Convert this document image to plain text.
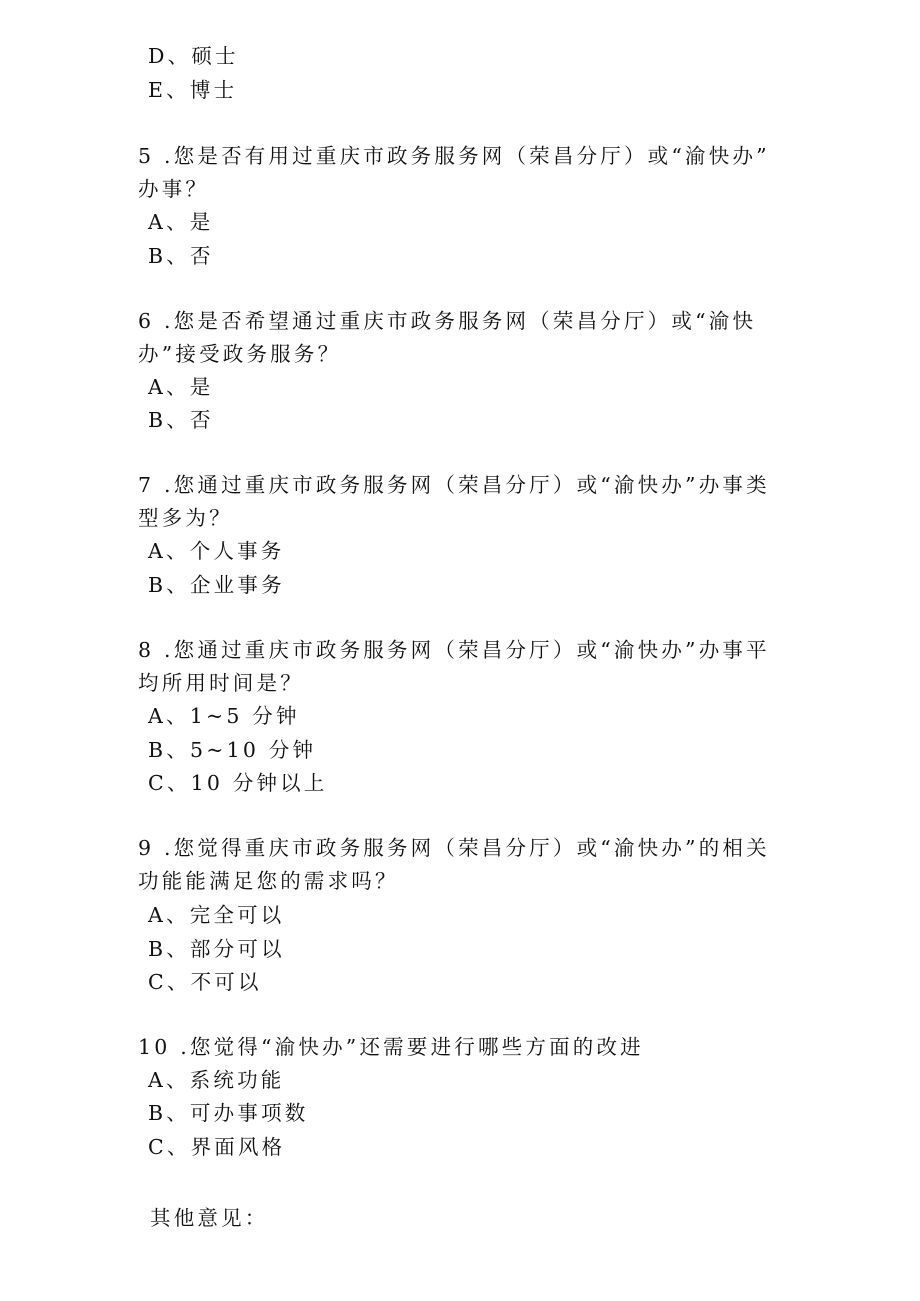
D、硕士
E、博士
5 .您是否有用过重庆市政务服务网（荣昌分厅）或“渝快办”
办事？
A、是
B、否
6 .您是否希望通过重庆市政务服务网（荣昌分厅）或“渝快
办”接受政务服务？
A、是
B、否
7 .您通过重庆市政务服务网（荣昌分厅）或“渝快办”办事类
型多为？
A、个人事务
B、企业事务
8 .您通过重庆市政务服务网（荣昌分厅）或“渝快办”办事平
均所用时间是？
A、1~5 分钟
B、5~10 分钟
C、10 分钟以上
9 .您觉得重庆市政务服务网（荣昌分厅）或“渝快办”的相关
功能能满足您的需求吗？
A、完全可以
B、部分可以
C、不可以
10 .您觉得“渝快办”还需要进行哪些方面的改进
A、系统功能
B、可办事项数
C、界面风格
其他意见：
